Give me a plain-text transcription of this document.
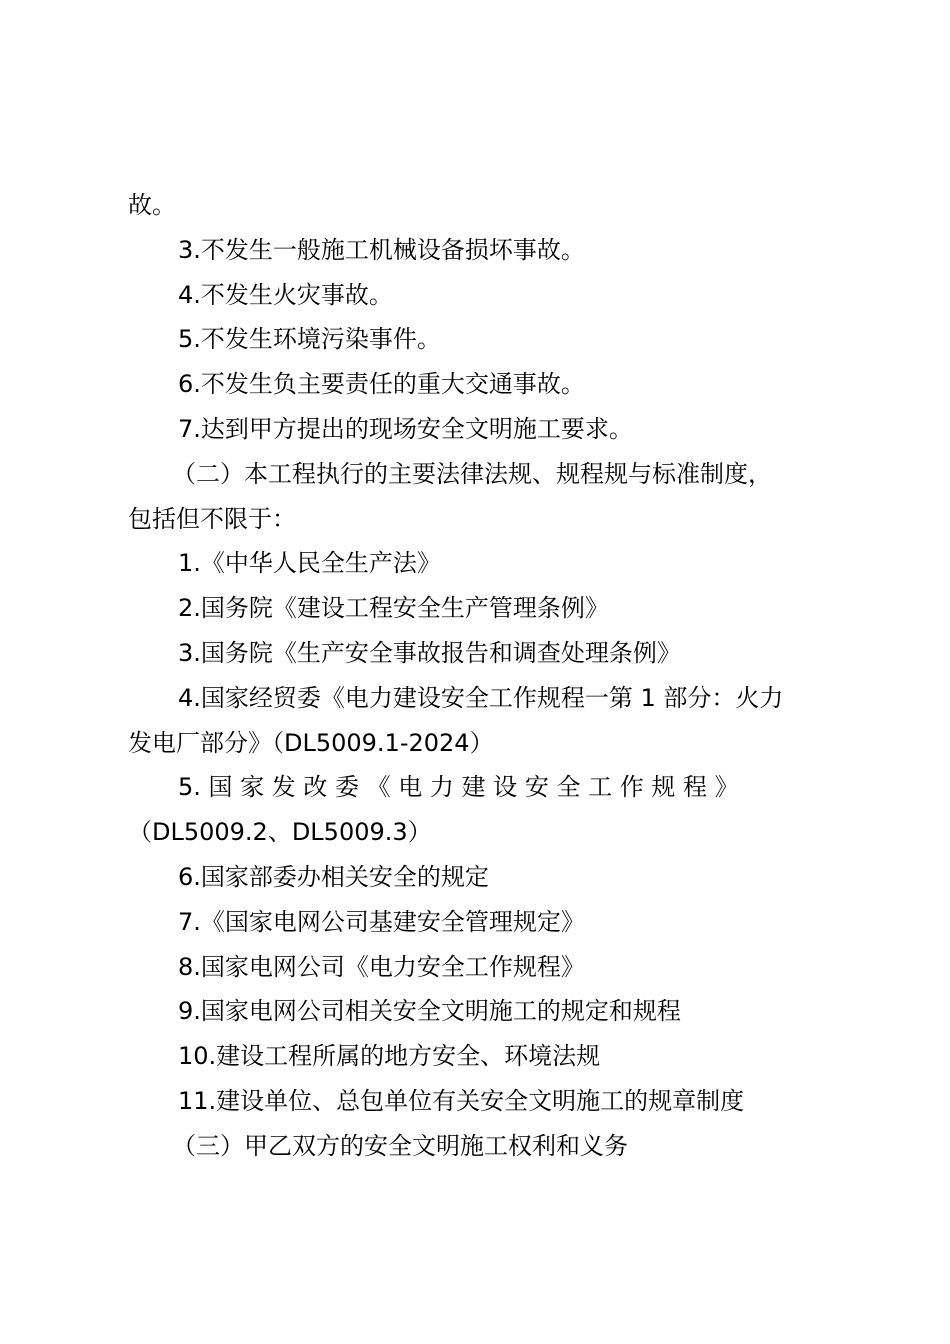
故。

3.不发生一般施工机械设备损坏事故。

4.不发生火灾事故。

5.不发生环境污染事件。

6.不发生负主要责任的重大交通事故。

7.达到甲方提出的现场安全文明施工要求。

（二）本工程执行的主要法律法规、规程规与标准制度，

包括但不限于：

1.《中华人民全生产法》

2.国务院《建设工程安全生产管理条例》

3.国务院《生产安全事故报告和调查处理条例》

4.国家经贸委《电力建设安全工作规程一第 1 部分：火力

发电厂部分》（DL5009.1-2024）

5. 国 家 发 改 委 《 电 力 建 设 安 全 工 作 规 程 》

（DL5009.2、DL5009.3）

6.国家部委办相关安全的规定

7.《国家电网公司基建安全管理规定》

8.国家电网公司《电力安全工作规程》

9.国家电网公司相关安全文明施工的规定和规程

10.建设工程所属的地方安全、环境法规

11.建设单位、总包单位有关安全文明施工的规章制度

（三）甲乙双方的安全文明施工权利和义务
